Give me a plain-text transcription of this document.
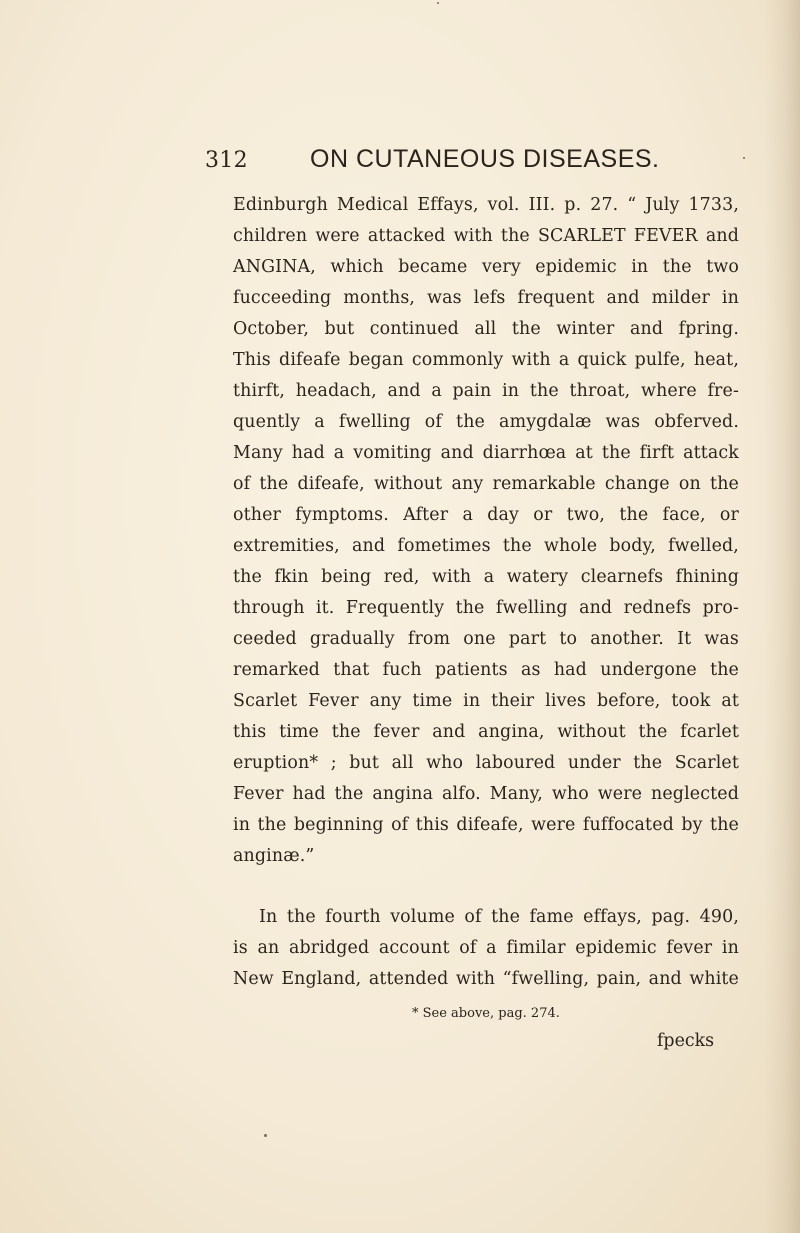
312 ON CUTANEOUS DISEASES.
Edinburgh Medical Effays, vol. III. p. 27. “ July 1733,
children were attacked with the SCARLET FEVER and
ANGINA, which became very epidemic in the two
fucceeding months, was lefs frequent and milder in
October, but continued all the winter and fpring.
This difeafe began commonly with a quick pulfe, heat,
thirft, headach, and a pain in the throat, where fre-
quently a fwelling of the amygdalæ was obferved.
Many had a vomiting and diarrhœa at the firft attack
of the difeafe, without any remarkable change on the
other fymptoms. After a day or two, the face, or
extremities, and fometimes the whole body, fwelled,
the fkin being red, with a watery clearnefs fhining
through it. Frequently the fwelling and rednefs pro-
ceeded gradually from one part to another. It was
remarked that fuch patients as had undergone the
Scarlet Fever any time in their lives before, took at
this time the fever and angina, without the fcarlet
eruption* ; but all who laboured under the Scarlet
Fever had the angina alfo. Many, who were neglected
in the beginning of this difeafe, were fuffocated by the
anginæ.”
In the fourth volume of the fame effays, pag. 490,
is an abridged account of a fimilar epidemic fever in
New England, attended with “fwelling, pain, and white
* See above, pag. 274.
fpecks
